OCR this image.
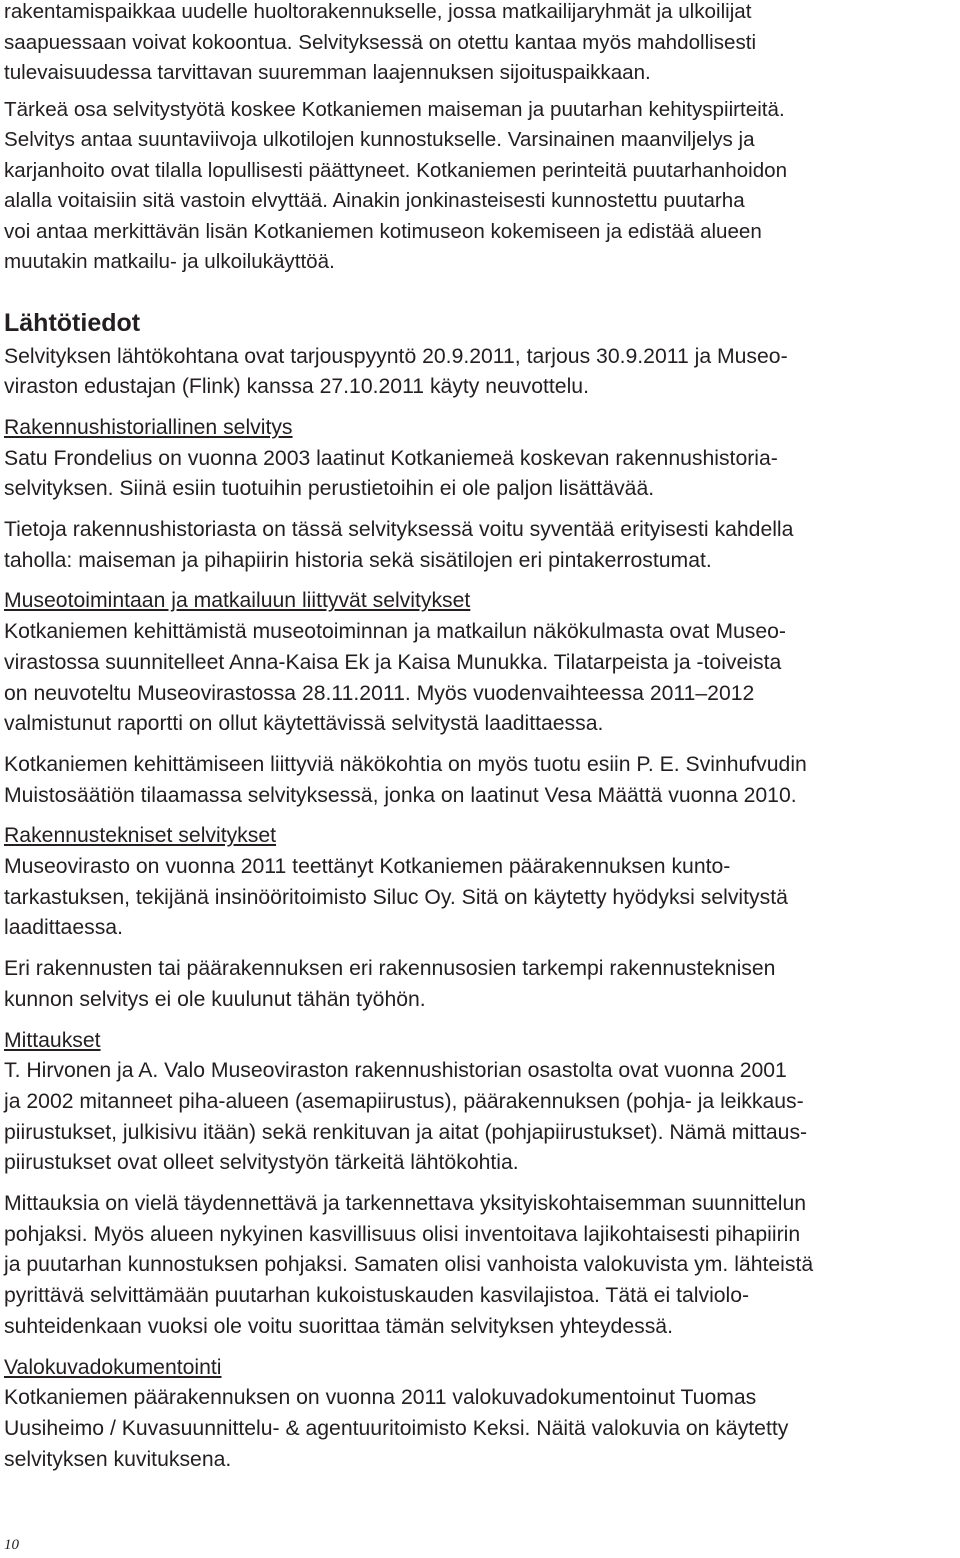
rakentamispaikkaa uudelle huoltorakennukselle, jossa matkailijaryhmät ja ulkoilijat
saapuessaan voivat kokoontua. Selvityksessä on otettu kantaa myös mahdollisesti
tulevaisuudessa tarvittavan suuremman laajennuksen sijoituspaikkaan.
Tärkeä osa selvitystyötä koskee Kotkaniemen maiseman ja puutarhan kehityspiirteitä.
Selvitys antaa suuntaviivoja ulkotilojen kunnostukselle. Varsinainen maanviljelys ja
karjanhoito ovat tilalla lopullisesti päättyneet. Kotkaniemen perinteitä puutarhanhoidon
alalla voitaisiin sitä vastoin elvyttää. Ainakin jonkinasteisesti kunnostettu puutarha
voi antaa merkittävän lisän Kotkaniemen kotimuseon kokemiseen ja edistää alueen
muutakin matkailu- ja ulkoilukäyttöä.
Lähtötiedot
Selvityksen lähtökohtana ovat tarjouspyyntö 20.9.2011, tarjous 30.9.2011 ja Museo-
viraston edustajan (Flink) kanssa 27.10.2011 käyty neuvottelu.
Rakennushistoriallinen selvitys
Satu Frondelius on vuonna 2003 laatinut Kotkaniemeä koskevan rakennushistoria-
selvityksen. Siinä esiin tuotuihin perustietoihin ei ole paljon lisättävää.
Tietoja rakennushistoriasta on tässä selvityksessä voitu syventää erityisesti kahdella
taholla: maiseman ja pihapiirin historia sekä sisätilojen eri pintakerrostumat.
Museotoimintaan ja matkailuun liittyvät selvitykset
Kotkaniemen kehittämistä museotoiminnan ja matkailun näkökulmasta ovat Museo-
virastossa suunnitelleet Anna-Kaisa Ek ja Kaisa Munukka. Tilatarpeista ja -toiveista
on neuvoteltu Museovirastossa 28.11.2011. Myös vuodenvaihteessa 2011–2012
valmistunut raportti on ollut käytettävissä selvitystä laadittaessa.
Kotkaniemen kehittämiseen liittyviä näkökohtia on myös tuotu esiin P. E. Svinhufvudin
Muistosäätiön tilaamassa selvityksessä, jonka on laatinut Vesa Määttä vuonna 2010.
Rakennustekniset selvitykset
Museovirasto on vuonna 2011 teettänyt Kotkaniemen päärakennuksen kunto-
tarkastuksen, tekijänä insinööritoimisto Siluc Oy. Sitä on käytetty hyödyksi selvitystä
laadittaessa.
Eri rakennusten tai päärakennuksen eri rakennusosien tarkempi rakennusteknisen
kunnon selvitys ei ole kuulunut tähän työhön.
Mittaukset
T. Hirvonen ja A. Valo Museoviraston rakennushistorian osastolta ovat vuonna 2001
ja 2002 mitanneet piha-alueen (asemapiirustus), päärakennuksen (pohja- ja leikkaus-
piirustukset, julkisivu itään) sekä renkituvan ja aitat (pohjapiirustukset). Nämä mittaus-
piirustukset ovat olleet selvitystyön tärkeitä lähtökohtia.
Mittauksia on vielä täydennettävä ja tarkennettava yksityiskohtaisemman suunnittelun
pohjaksi. Myös alueen nykyinen kasvillisuus olisi inventoitava lajikohtaisesti pihapiirin
ja puutarhan kunnostuksen pohjaksi. Samaten olisi vanhoista valokuvista ym. lähteistä
pyrittävä selvittämään puutarhan kukoistuskauden kasvilajistoa. Tätä ei talviolo-
suhteidenkaan vuoksi ole voitu suorittaa tämän selvityksen yhteydessä.
Valokuvadokumentointi
Kotkaniemen päärakennuksen on vuonna 2011 valokuvadokumentoinut Tuomas
Uusiheimo / Kuvasuunnittelu- & agentuuritoimisto Keksi. Näitä valokuvia on käytetty
selvityksen kuvituksena.
10
